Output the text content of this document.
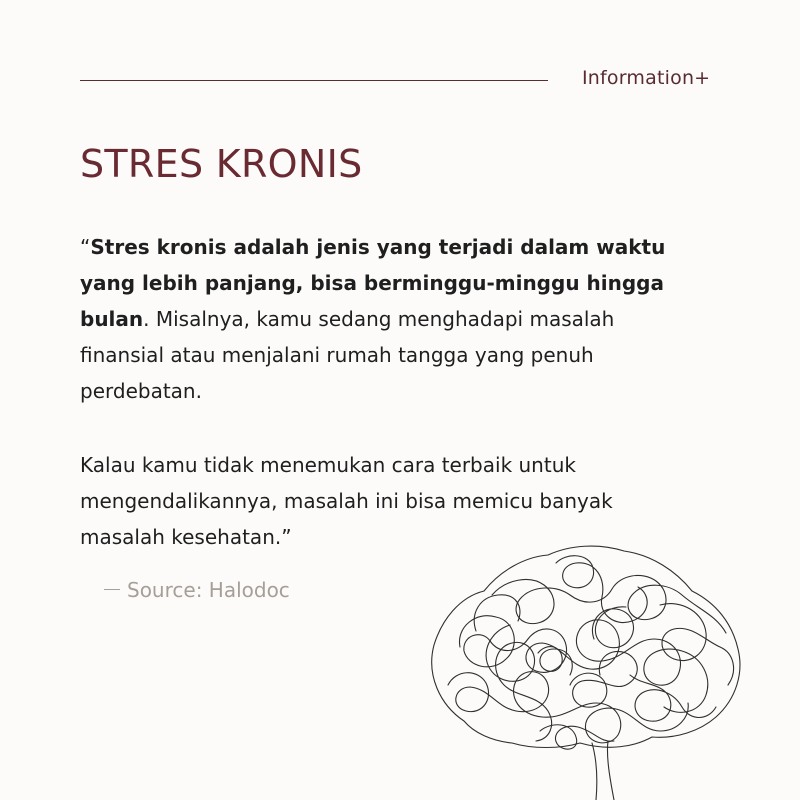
Information+
STRES KRONIS

“Stres kronis adalah jenis yang terjadi dalam waktu
yang lebih panjang, bisa berminggu-minggu hingga
bulan. Misalnya, kamu sedang menghadapi masalah
finansial atau menjalani rumah tangga yang penuh
perdebatan.

Kalau kamu tidak menemukan cara terbaik untuk
mengendalikannya, masalah ini bisa memicu banyak
masalah kesehatan.”

Source: Halodoc
